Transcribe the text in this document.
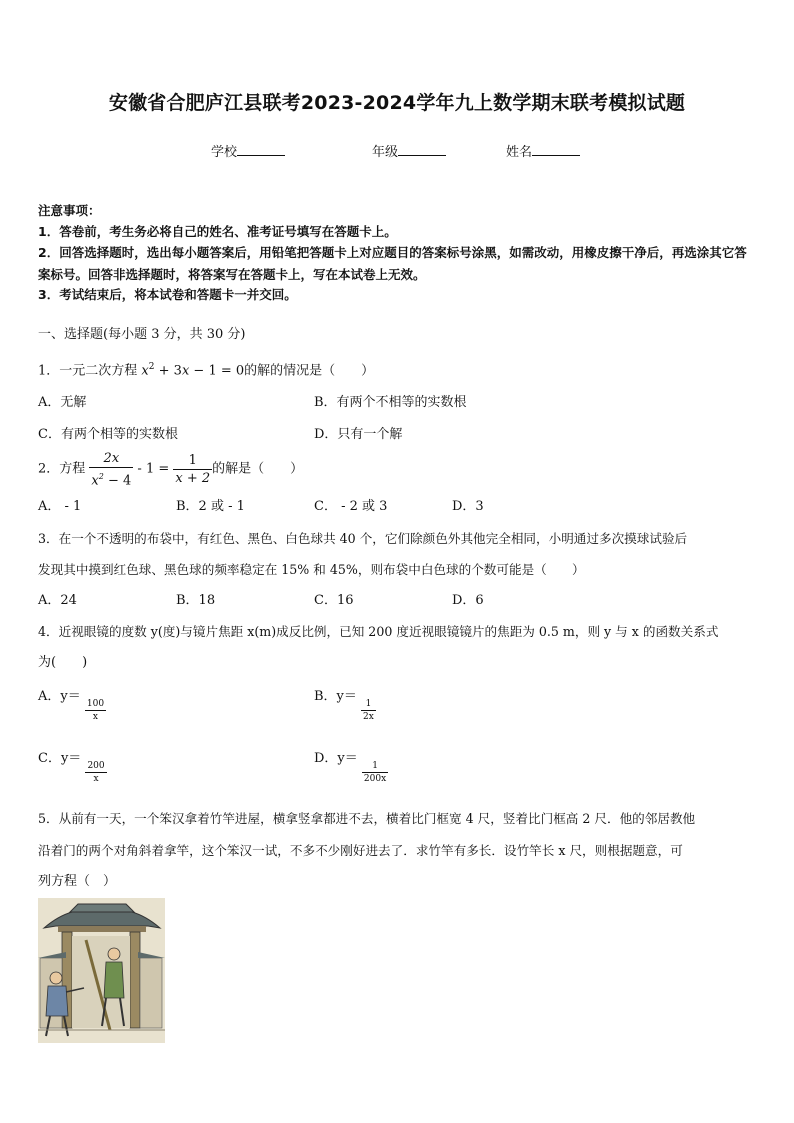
安徽省合肥庐江县联考2023-2024学年九上数学期末联考模拟试题
学校	年级	姓名
注意事项：
1．答卷前，考生务必将自己的姓名、准考证号填写在答题卡上。
2．回答选择题时，选出每小题答案后，用铅笔把答题卡上对应题目的答案标号涂黑，如需改动，用橡皮擦干净后，再选涂其它答案标号。回答非选择题时，将答案写在答题卡上，写在本试卷上无效。
3．考试结束后，将本试卷和答题卡一并交回。
一、选择题(每小题 3 分，共 30 分)
1．一元二次方程 $x^2 + 3x - 1 = 0$的解的情况是（　　）
A．无解	B．有两个不相等的实数根
C．有两个相等的实数根	D．只有一个解
2．方程 $\frac{2x}{x^2 - 4} - 1 = \frac{1}{x + 2}$ 的解是（　　）
A． - 1	B．2 或 - 1	C． - 2 或 3	D．3
3．在一个不透明的布袋中，有红色、黑色、白色球共 40 个，它们除颜色外其他完全相同，小明通过多次摸球试验后
发现其中摸到红色球、黑色球的频率稳定在 15% 和 45%，则布袋中白色球的个数可能是（　　）
A．24	B．18	C．16	D．6
4．近视眼镜的度数 y(度)与镜片焦距 x(m)成反比例，已知 200 度近视眼镜镜片的焦距为 0.5 m，则 y 与 x 的函数关系式
为(　　)
A．y＝
$\frac{100}{x}$
B．y＝
$\frac{1}{2x}$
C．y＝
$\frac{200}{x}$
D．y＝
$\frac{1}{200x}$
5．从前有一天，一个笨汉拿着竹竿进屋，横拿竖拿都进不去，横着比门框宽 4 尺，竖着比门框高 2 尺．他的邻居教他
沿着门的两个对角斜着拿竿，这个笨汉一试，不多不少刚好进去了．求竹竿有多长．设竹竿长 x 尺，则根据题意，可
列方程（　）
